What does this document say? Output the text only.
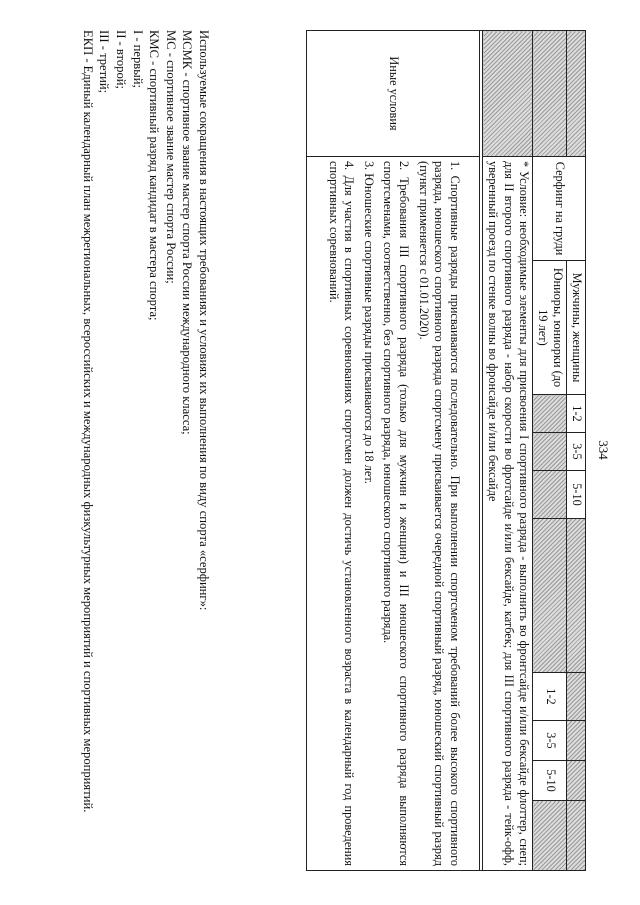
334
	Серфинг на груди	Мужчины, женщины	1-2	3-5	5-10					
		Юниоры, юниорки (до 19 лет)					1-2	3-5	5-10	
	* Условие: необходимые элементы для присвоения I спортивного разряда - выполнить во фронтсайде и/или бексайде флоттер, снеп; для II второго спортивного разряда - набор скорости во фротсайде и/или бексайде, катбек; для III спортивного разряда - тейк-офф, уверенный проезд по стенке волны во фронсайде и/или бексайде									

Иные условия	1. Спортивные разряды присваиваются последовательно. При выполнении спортсменом требований более высокого спортивного разряда, юношеского спортивного разряда спортсмену присваивается очередной спортивный разряд, юношеский спортивный разряд (пункт применяется с 01.01.2020).

2. Требования III спортивного разряда (только для мужчин и женщин) и III юношеского спортивного разряда выполняются спортсменами, соответственно, без спортивного разряда, юношеского спортивного разряда.

3. Юношеские спортивные разряды присваиваются до 18 лет.

4. Для участия в спортивных соревнованиях спортсмен должен достичь установленного возраста в календарный год проведения спортивных соревнований.									

Используемые сокращения в настоящих требованиях и условиях их выполнения по виду спорта «серфинг»:

МСМК - спортивное звание мастер спорта России международного класса;

МС - спортивное звание мастер спорта России;

КМС - спортивный разряд кандидат в мастера спорта;

I - первый;

II - второй;

III - третий;

ЕКП - Единый календарный план межрегиональных, всероссийских и международных физкультурных мероприятий и спортивных мероприятий.
